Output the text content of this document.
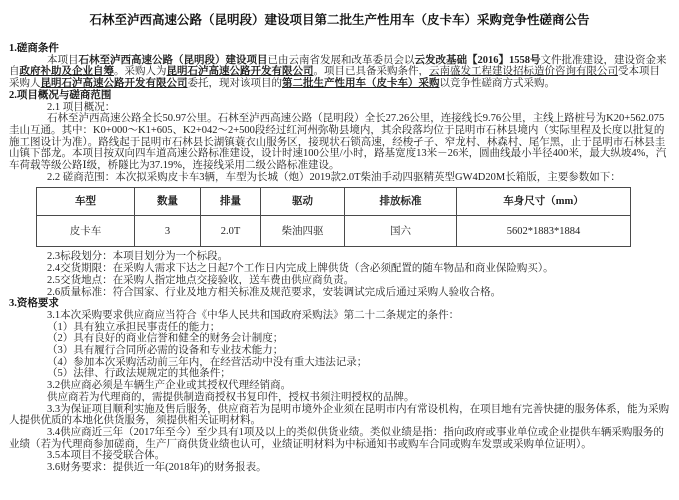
石林至泸西高速公路（昆明段）建设项目第二批生产性用车（皮卡车）采购竞争性磋商公告
1.磋商条件
本项目石林至泸西高速公路（昆明段）建设项目已由云南省发展和改革委员会以云发改基础【2016】1558号文件批准建设，建设资金来自政府补助及企业自筹。采购人为昆明石泸高速公路开发有限公司。项目已具备采购条件，云南盛发工程建设招标造价咨询有限公司受本项目采购人昆明石泸高速公路开发有限公司委托，现对该项目的第二批生产性用车（皮卡车）采购以竞争性磋商方式采购。
2.项目概况与磋商范围
2.1 项目概况：
石林至泸西高速公路全长50.97公里。石林至泸西高速公路（昆明段）全长27.26公里，连接线长9.76公里，主线上路桩号为K20+562.075圭山互通。其中：K0+000～K1+605、K2+042～2+500段经过红河州弥勒县境内，其余段落均位于昆明市石林县境内（实际里程及长度以批复的施工图设计为准）。路线起于昆明市石林县长湖镇蓑衣山服务区，接现状石锁高速，经梭孑子、窄龙村、林森村、尾乍黑，止于昆明市石林县圭山镇下部龙。本项目按双向四车道高速公路标准建设，设计时速100公里/小时，路基宽度13米－26米，圆曲线最小半径400米，最大纵坡4%，汽车荷载等级公路Ⅰ级，桥隧比为37.19%，连接线采用二级公路标准建设。
2.2 磋商范围：本次拟采购皮卡车3辆，车型为长城（炮）2019款2.0T柴油手动四驱精英型GW4D20M长箱版，主要参数如下：
车型	数量	排量	驱动	排放标准	车身尺寸（mm）
皮卡车	3	2.0T	柴油四驱	国六	5602*1883*1884
2.3标段划分：本项目划分为一个标段。
2.4交货期限：在采购人需求下达之日起7个工作日内完成上牌供货（含必须配置的随车物品和商业保险购买）。
2.5交货地点：在采购人指定地点交接验收，送车费由供应商负责。
2.6质量标准：符合国家、行业及地方相关标准及规范要求，安装调试完成后通过采购人验收合格。
3.资格要求
3.1本次采购要求供应商应当符合《中华人民共和国政府采购法》第二十二条规定的条件：
（1）具有独立承担民事责任的能力；
（2）具有良好的商业信誉和健全的财务会计制度；
（3）具有履行合同所必需的设备和专业技术能力；
（4）参加本次采购活动前三年内，在经营活动中没有重大违法记录；
（5）法律、行政法规规定的其他条件；
3.2供应商必须是车辆生产企业或其授权代理经销商。
供应商若为代理商的，需提供制造商授权书复印件，授权书须注明授权的品牌。
3.3为保证项目顺利实施及售后服务，供应商若为昆明市境外企业须在昆明市内有常设机构，在项目地有完善快捷的服务体系，能为采购人提供优质的本地化供货服务，须提供相关证明材料。
3.4供应商近三年（2017年至今）至少具有1项及以上的类似供货业绩。类似业绩是指：指向政府或事业单位或企业提供车辆采购服务的业绩（若为代理商参加磋商，生产厂商供货业绩也认可，业绩证明材料为中标通知书或购车合同或购车发票或采购单位证明）。
3.5本项目不接受联合体。
3.6财务要求：提供近一年(2018年)的财务报表。
